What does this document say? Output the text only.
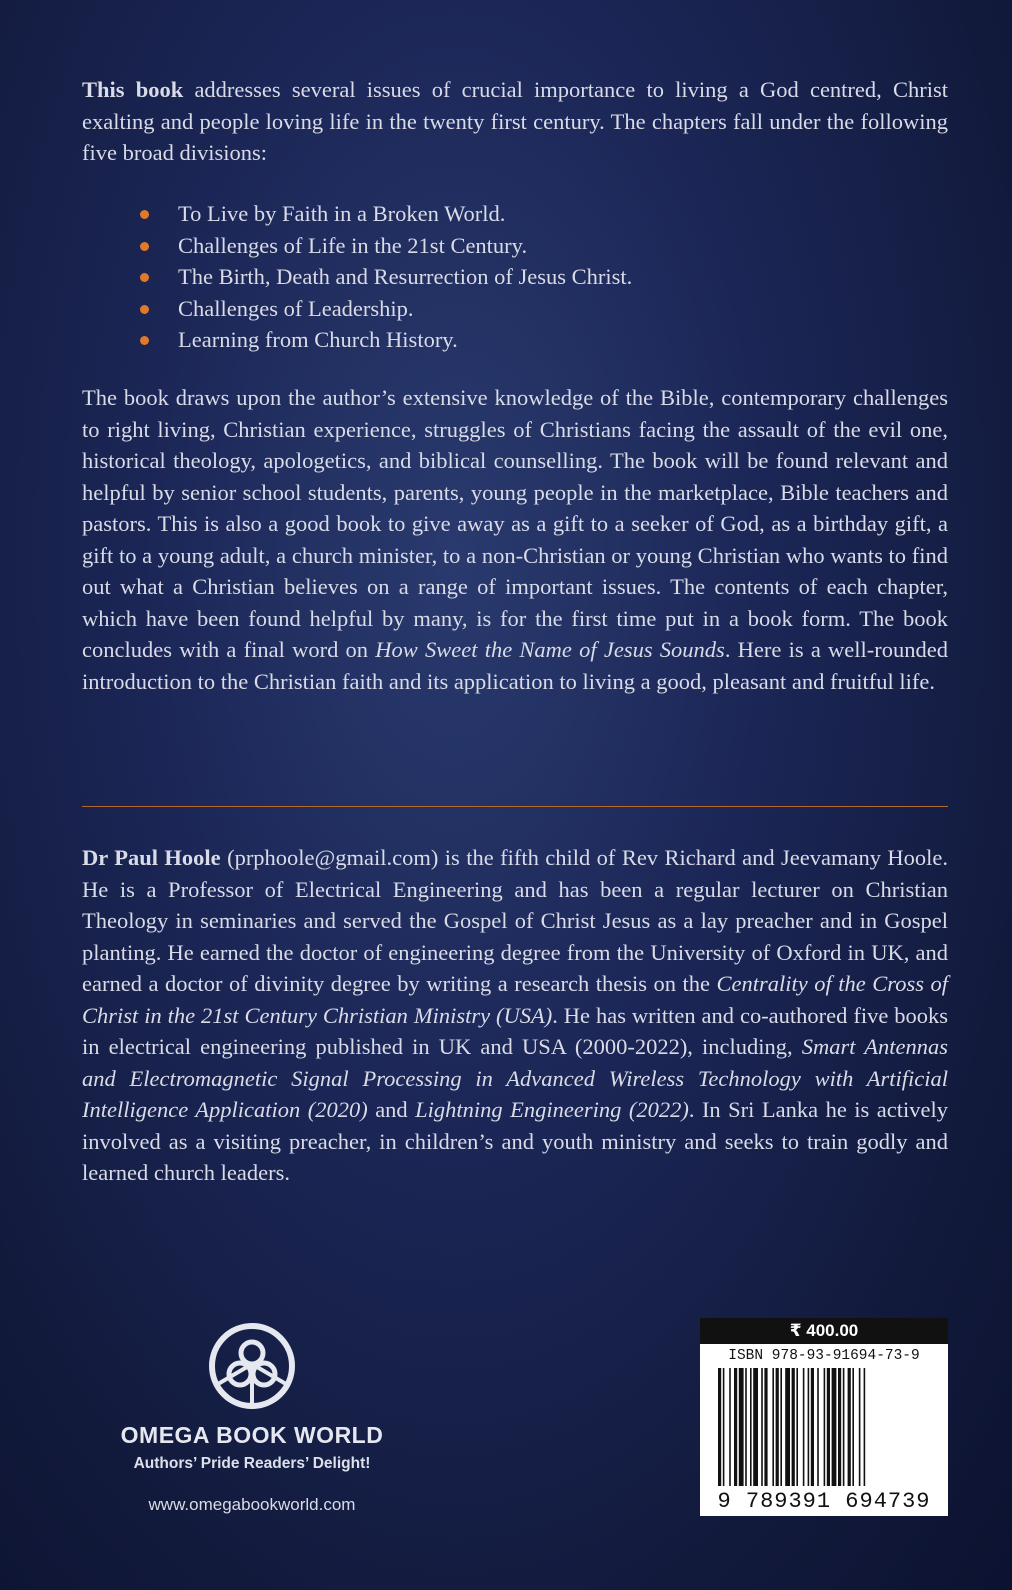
This book addresses several issues of crucial importance to living a God centred, Christ exalting and people loving life in the twenty first century. The chapters fall under the following five broad divisions:

To Live by Faith in a Broken World.
Challenges of Life in the 21st Century.
The Birth, Death and Resurrection of Jesus Christ.
Challenges of Leadership.
Learning from Church History.

The book draws upon the author’s extensive knowledge of the Bible, contemporary challenges to right living, Christian experience, struggles of Christians facing the assault of the evil one, historical theology, apologetics, and biblical counselling. The book will be found relevant and helpful by senior school students, parents, young people in the marketplace, Bible teachers and pastors. This is also a good book to give away as a gift to a seeker of God, as a birthday gift, a gift to a young adult, a church minister, to a non-Christian or young Christian who wants to find out what a Christian believes on a range of important issues. The contents of each chapter, which have been found helpful by many, is for the first time put in a book form. The book concludes with a final word on How Sweet the Name of Jesus Sounds. Here is a well-rounded introduction to the Christian faith and its application to living a good, pleasant and fruitful life.

Dr Paul Hoole (prphoole@gmail.com) is the fifth child of Rev Richard and Jeevamany Hoole. He is a Professor of Electrical Engineering and has been a regular lecturer on Christian Theology in seminaries and served the Gospel of Christ Jesus as a lay preacher and in Gospel planting. He earned the doctor of engineering degree from the University of Oxford in UK, and earned a doctor of divinity degree by writing a research thesis on the Centrality of the Cross of Christ in the 21st Century Christian Ministry (USA). He has written and co-authored five books in electrical engineering published in UK and USA (2000-2022), including, Smart Antennas and Electromagnetic Signal Processing in Advanced Wireless Technology with Artificial Intelligence Application (2020) and Lightning Engineering (2022). In Sri Lanka he is actively involved as a visiting preacher, in children’s and youth ministry and seeks to train godly and learned church leaders.

OMEGA BOOK WORLD
Authors’ Pride Readers’ Delight!
www.omegabookworld.com
₹ 400.00
ISBN 978-93-91694-73-9
9 789391 694739
